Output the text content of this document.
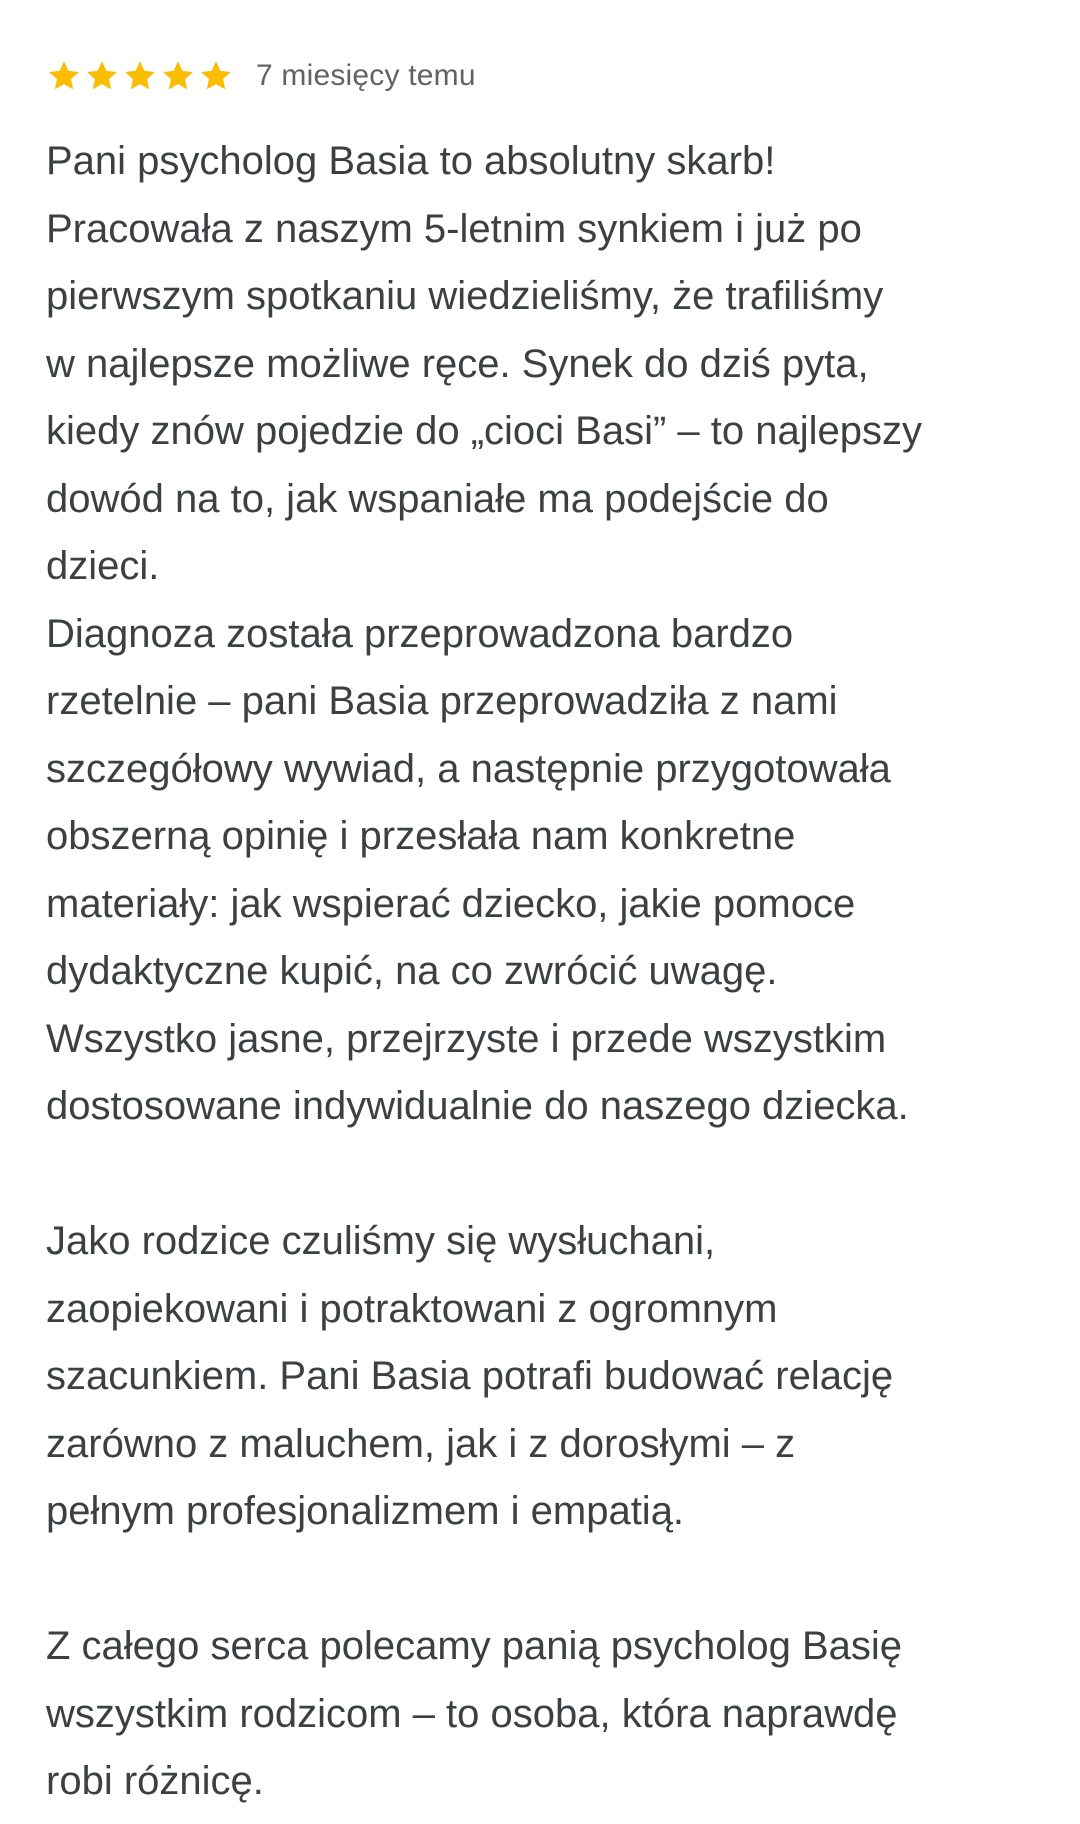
7 miesięcy temu

Pani psycholog Basia to absolutny skarb!
Pracowała z naszym 5-letnim synkiem i już po
pierwszym spotkaniu wiedzieliśmy, że trafiliśmy
w najlepsze możliwe ręce. Synek do dziś pyta,
kiedy znów pojedzie do „cioci Basi” – to najlepszy
dowód na to, jak wspaniałe ma podejście do
dzieci.
Diagnoza została przeprowadzona bardzo
rzetelnie – pani Basia przeprowadziła z nami
szczegółowy wywiad, a następnie przygotowała
obszerną opinię i przesłała nam konkretne
materiały: jak wspierać dziecko, jakie pomoce
dydaktyczne kupić, na co zwrócić uwagę.
Wszystko jasne, przejrzyste i przede wszystkim
dostosowane indywidualnie do naszego dziecka.

Jako rodzice czuliśmy się wysłuchani,
zaopiekowani i potraktowani z ogromnym
szacunkiem. Pani Basia potrafi budować relację
zarówno z maluchem, jak i z dorosłymi – z
pełnym profesjonalizmem i empatią.

Z całego serca polecamy panią psycholog Basię
wszystkim rodzicom – to osoba, która naprawdę
robi różnicę.
